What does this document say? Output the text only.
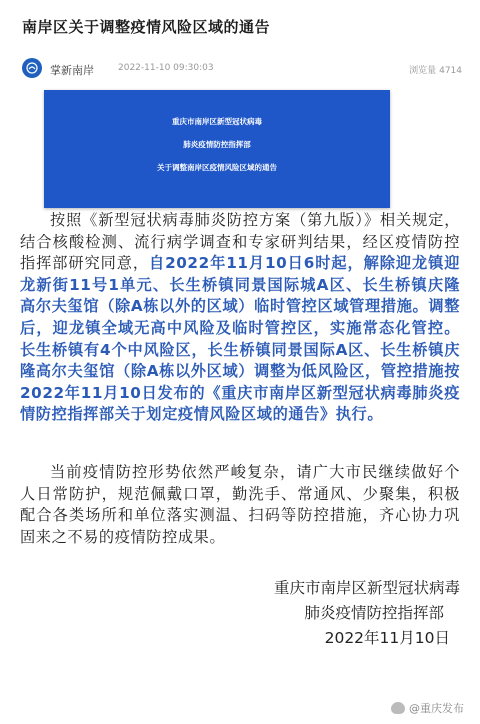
南岸区关于调整疫情风险区域的通告
掌新南岸	2022-11-10 09:30:03	浏览量 4714
重庆市南岸区新型冠状病毒
肺炎疫情防控指挥部
关于调整南岸区疫情风险区域的通告
按照《新型冠状病毒肺炎防控方案（第九版）》相关规定，结合核酸检测、流行病学调查和专家研判结果，经区疫情防控指挥部研究同意，自2022年11月10日6时起，解除迎龙镇迎龙新街11号1单元、长生桥镇同景国际城A区、长生桥镇庆隆高尔夫玺馆（除A栋以外的区域）临时管控区域管理措施。调整后，迎龙镇全域无高中风险及临时管控区，实施常态化管控。长生桥镇有4个中风险区，长生桥镇同景国际A区、长生桥镇庆隆高尔夫玺馆（除A栋以外区域）调整为低风险区，管控措施按2022年11月10日发布的《重庆市南岸区新型冠状病毒肺炎疫情防控指挥部关于划定疫情风险区域的通告》执行。
当前疫情防控形势依然严峻复杂，请广大市民继续做好个人日常防护，规范佩戴口罩，勤洗手、常通风、少聚集，积极配合各类场所和单位落实测温、扫码等防控措施，齐心协力巩固来之不易的疫情防控成果。
重庆市南岸区新型冠状病毒
肺炎疫情防控指挥部
2022年11月10日
@重庆发布
